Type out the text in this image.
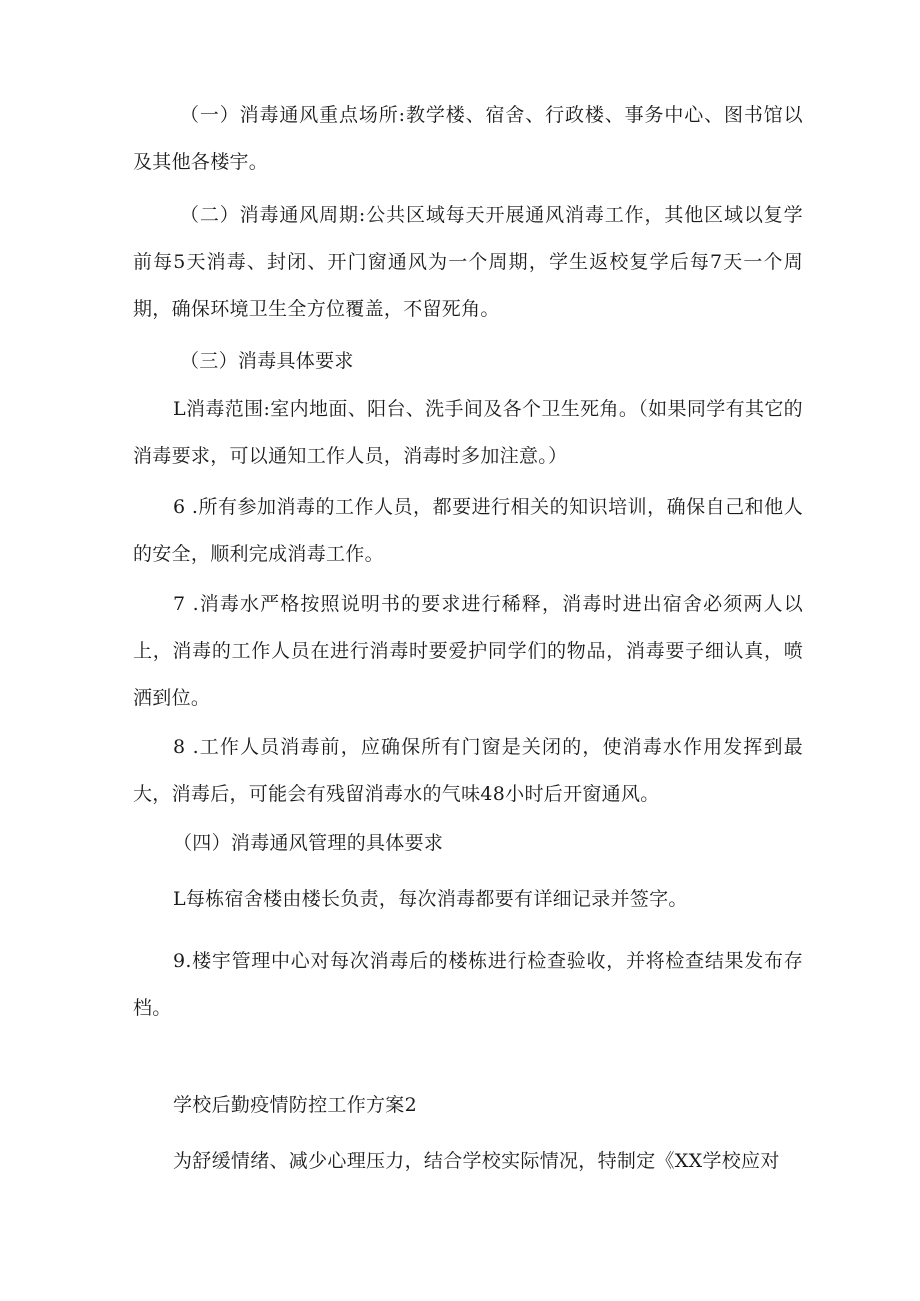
（一）消毒通风重点场所:教学楼、宿舍、行政楼、事务中心、图书馆以及其他各楼宇。

（二）消毒通风周期:公共区域每天开展通风消毒工作，其他区域以复学前每5天消毒、封闭、开门窗通风为一个周期，学生返校复学后每7天一个周期，确保环境卫生全方位覆盖，不留死角。

（三）消毒具体要求

L消毒范围:室内地面、阳台、洗手间及各个卫生死角。（如果同学有其它的消毒要求，可以通知工作人员，消毒时多加注意。）

6 .所有参加消毒的工作人员，都要进行相关的知识培训，确保自己和他人的安全，顺利完成消毒工作。

7 .消毒水严格按照说明书的要求进行稀释，消毒时进出宿舍必须两人以上，消毒的工作人员在进行消毒时要爱护同学们的物品，消毒要子细认真，喷洒到位。

8 .工作人员消毒前，应确保所有门窗是关闭的，使消毒水作用发挥到最大，消毒后，可能会有残留消毒水的气味48小时后开窗通风。

（四）消毒通风管理的具体要求

L每栋宿舍楼由楼长负责，每次消毒都要有详细记录并签字。

9.楼宇管理中心对每次消毒后的楼栋进行检查验收，并将检查结果发布存档。

学校后勤疫情防控工作方案2

为舒缓情绪、减少心理压力，结合学校实际情况，特制定《XX学校应对
